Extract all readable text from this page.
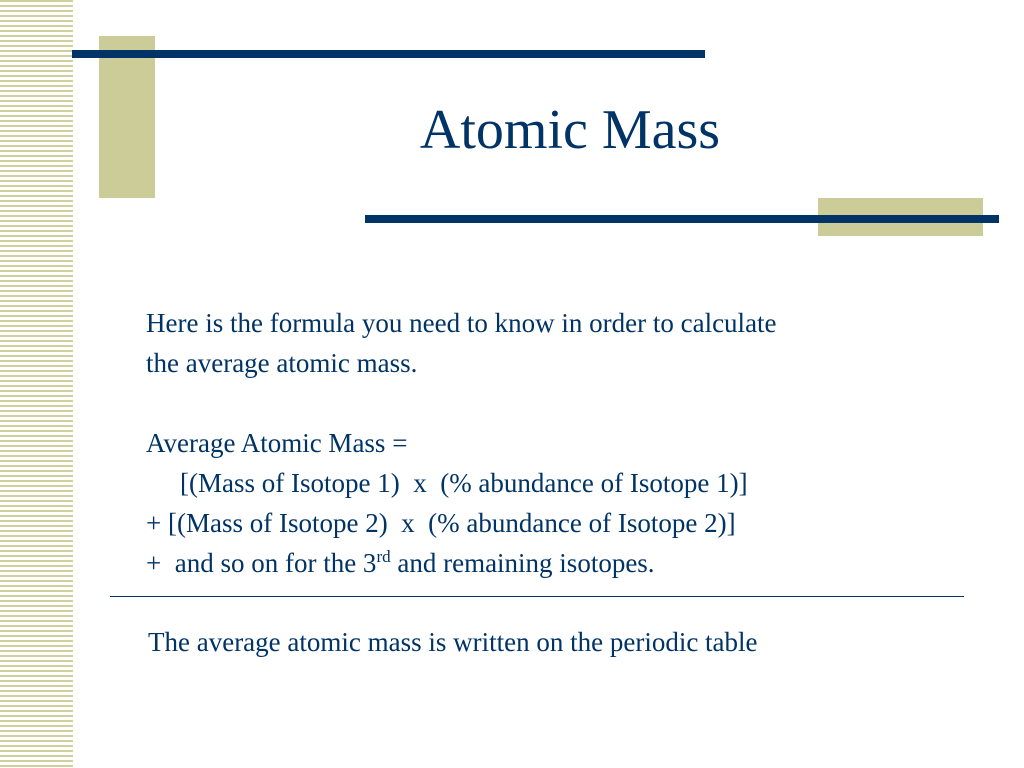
Atomic Mass

Here is the formula you need to know in order to calculate

the average atomic mass.

Average Atomic Mass =

[(Mass of Isotope 1)  x  (% abundance of Isotope 1)]

+ [(Mass of Isotope 2)  x  (% abundance of Isotope 2)]

+  and so on for the 3rd and remaining isotopes.

The average atomic mass is written on the periodic table
